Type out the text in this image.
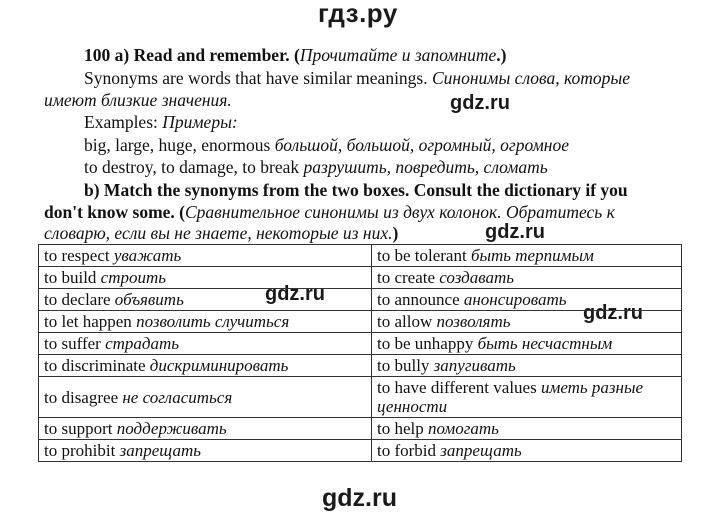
гдз.ру
gdz.ru
gdz.ru
gdz.ru
gdz.ru
gdz.ru
100 a) Read and remember. (Прочитайте и запомните.)
Synonyms are words that have similar meanings. Синонимы слова, которые
имеют близкие значения.
Examples: Примеры:
big, large, huge, enormous большой, большой, огромный, огромное
to destroy, to damage, to break разрушить, повредить, сломать
b) Match the synonyms from the two boxes. Consult the dictionary if you
don't know some. (Сравнительное синонимы из двух колонок. Обратитесь к
словарю, если вы не знаете, некоторые из них.)
to respect уважать	to be tolerant быть терпимым
to build строить	to create создавать
to declare объявить	to announce анонсировать
to let happen позволить случиться	to allow позволять
to suffer страдать	to be unhappy быть несчастным
to discriminate дискриминировать	to bully запугивать
to disagree не согласиться	to have different values иметь разные ценности
to support поддерживать	to help помогать
to prohibit запрещать	to forbid запрещать
